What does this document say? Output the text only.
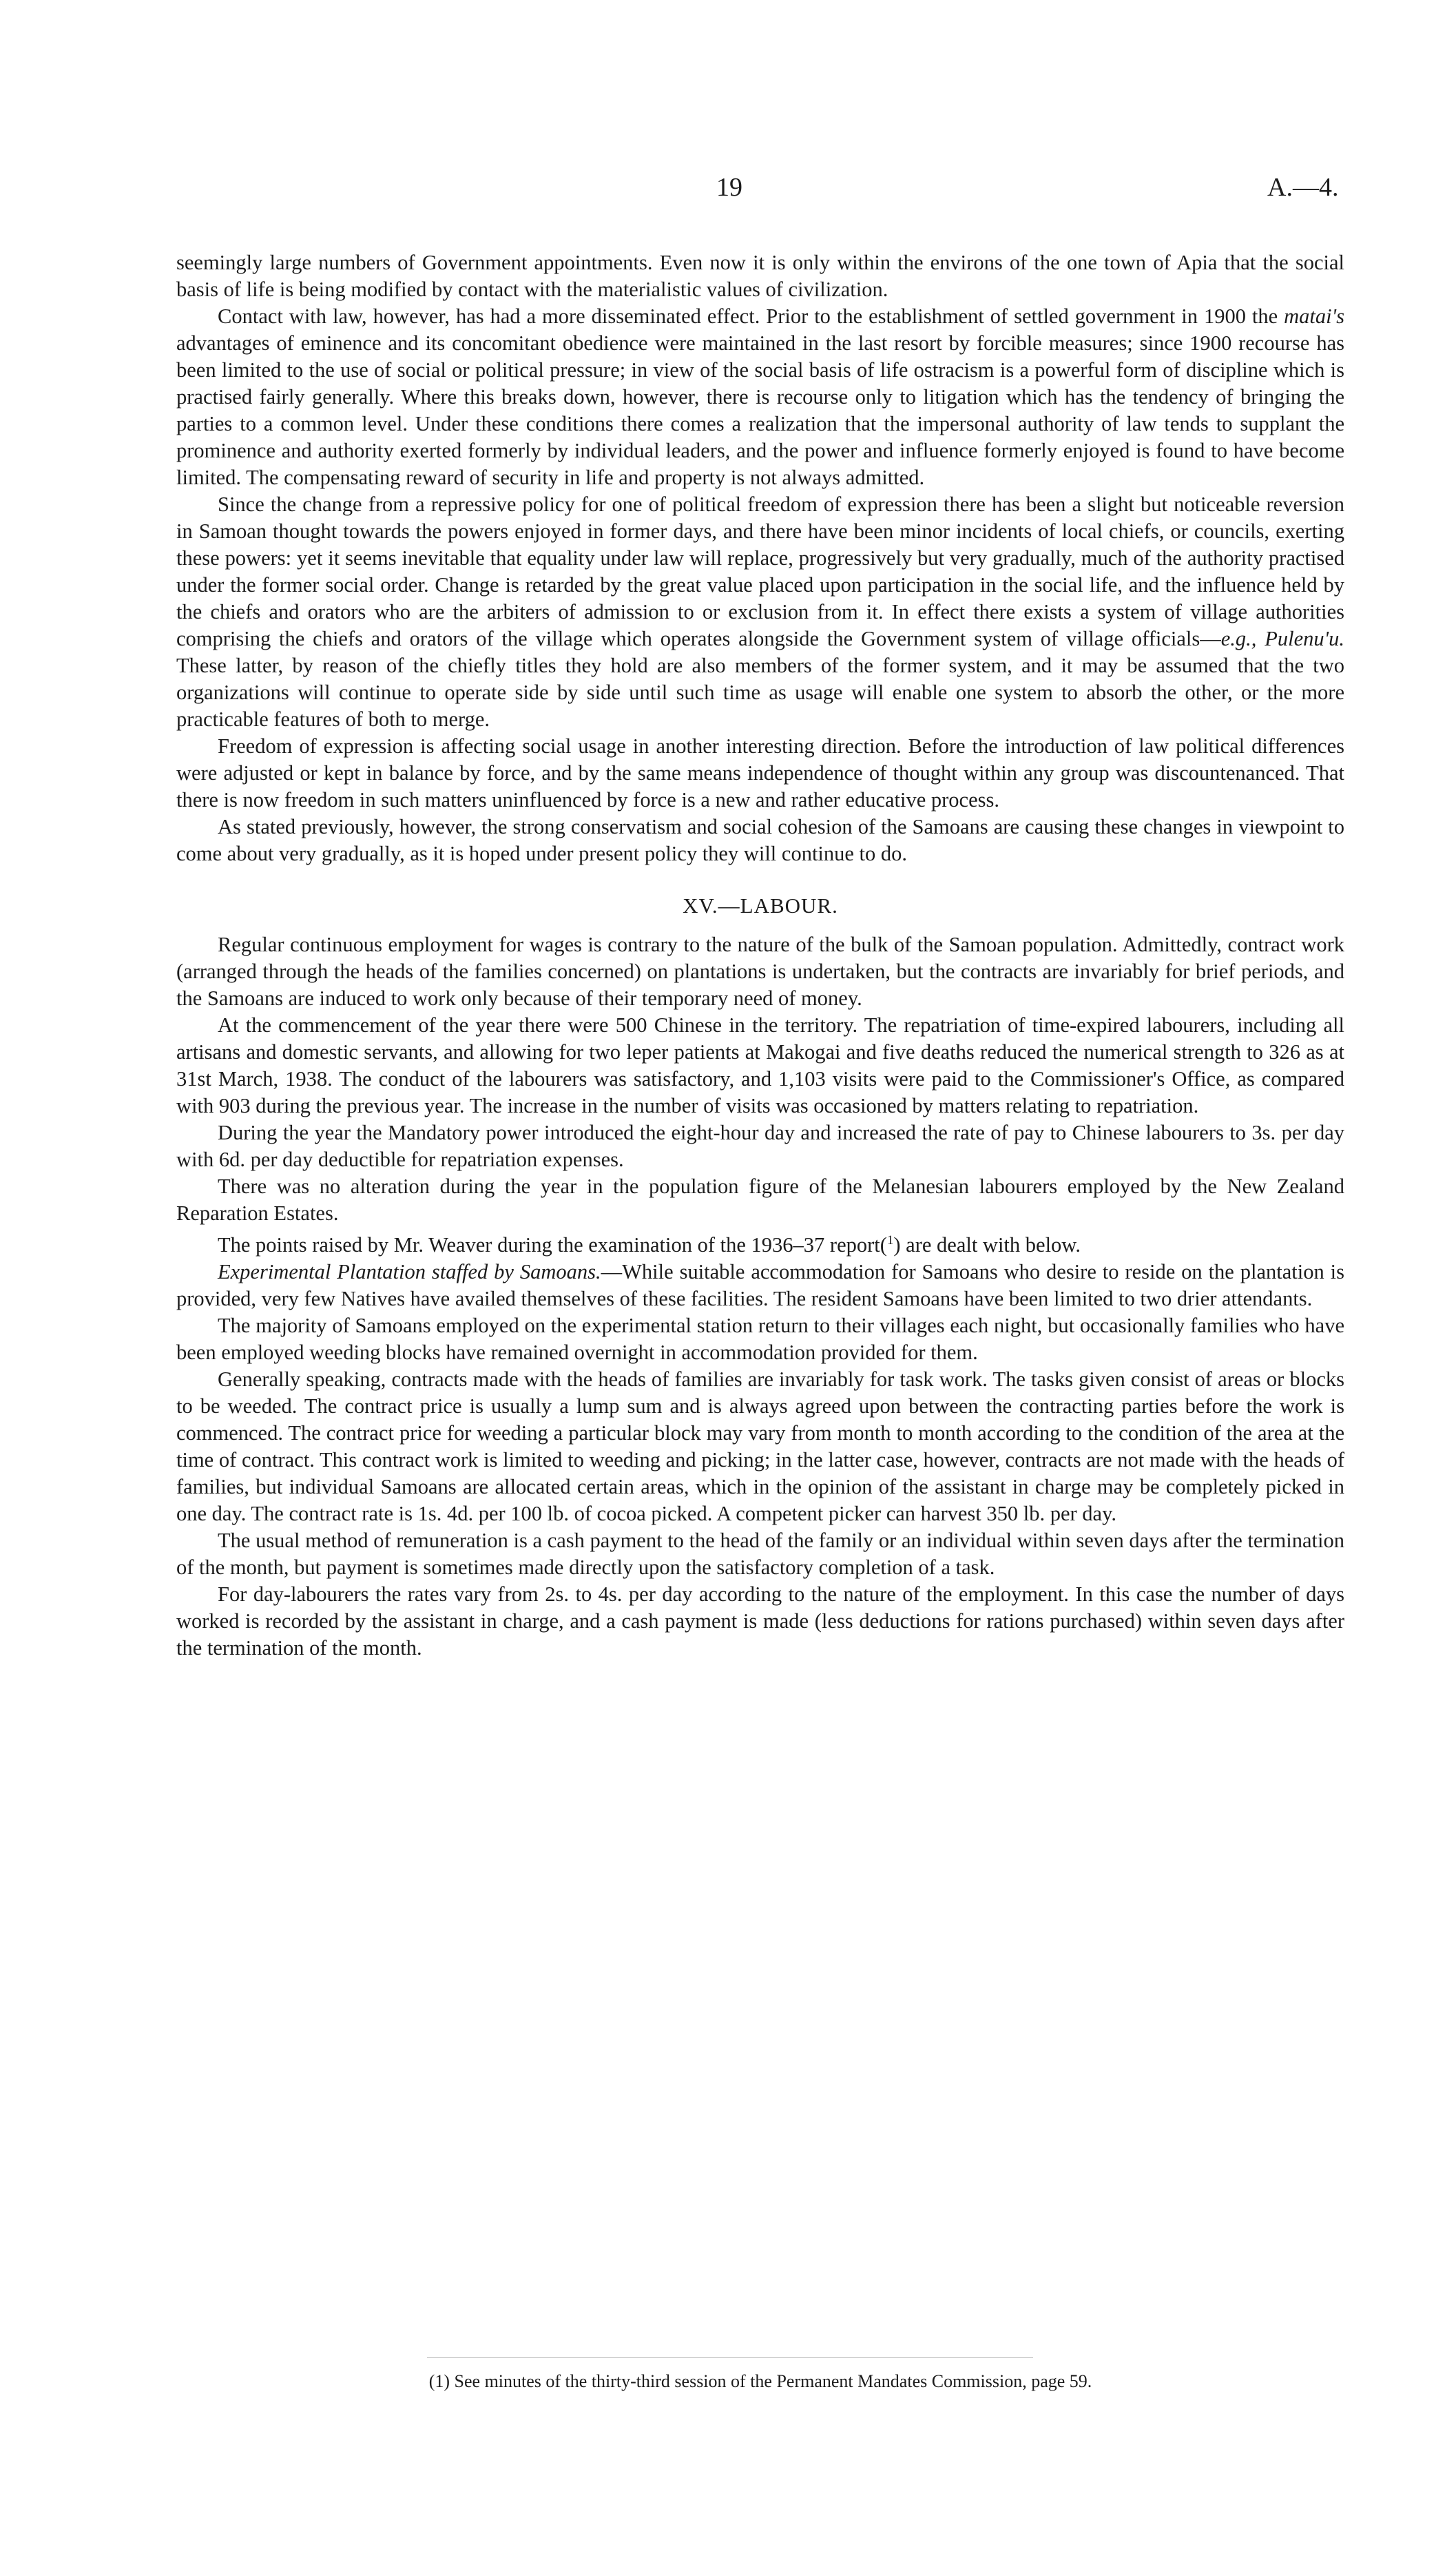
19	A.—4.

seemingly large numbers of Government appointments. Even now it is only within the environs of the one town of Apia that the social basis of life is being modified by contact with the materialistic values of civilization.

Contact with law, however, has had a more disseminated effect. Prior to the establishment of settled government in 1900 the matai's advantages of eminence and its concomitant obedience were maintained in the last resort by forcible measures; since 1900 recourse has been limited to the use of social or political pressure; in view of the social basis of life ostracism is a powerful form of discipline which is practised fairly generally. Where this breaks down, however, there is recourse only to litigation which has the tendency of bringing the parties to a common level. Under these conditions there comes a realization that the impersonal authority of law tends to supplant the prominence and authority exerted formerly by individual leaders, and the power and influence formerly enjoyed is found to have become limited. The compensating reward of security in life and property is not always admitted.

Since the change from a repressive policy for one of political freedom of expression there has been a slight but noticeable reversion in Samoan thought towards the powers enjoyed in former days, and there have been minor incidents of local chiefs, or councils, exerting these powers: yet it seems inevitable that equality under law will replace, progressively but very gradually, much of the authority practised under the former social order. Change is retarded by the great value placed upon participation in the social life, and the influence held by the chiefs and orators who are the arbiters of admission to or exclusion from it. In effect there exists a system of village authorities comprising the chiefs and orators of the village which operates alongside the Government system of village officials—e.g., Pulenu'u. These latter, by reason of the chiefly titles they hold are also members of the former system, and it may be assumed that the two organizations will continue to operate side by side until such time as usage will enable one system to absorb the other, or the more practicable features of both to merge.

Freedom of expression is affecting social usage in another interesting direction. Before the introduction of law political differences were adjusted or kept in balance by force, and by the same means independence of thought within any group was discountenanced. That there is now freedom in such matters uninfluenced by force is a new and rather educative process.

As stated previously, however, the strong conservatism and social cohesion of the Samoans are causing these changes in viewpoint to come about very gradually, as it is hoped under present policy they will continue to do.

XV.—LABOUR.

Regular continuous employment for wages is contrary to the nature of the bulk of the Samoan population. Admittedly, contract work (arranged through the heads of the families concerned) on plantations is undertaken, but the contracts are invariably for brief periods, and the Samoans are induced to work only because of their temporary need of money.

At the commencement of the year there were 500 Chinese in the territory. The repatriation of time-expired labourers, including all artisans and domestic servants, and allowing for two leper patients at Makogai and five deaths reduced the numerical strength to 326 as at 31st March, 1938. The conduct of the labourers was satisfactory, and 1,103 visits were paid to the Commissioner's Office, as compared with 903 during the previous year. The increase in the number of visits was occasioned by matters relating to repatriation.

During the year the Mandatory power introduced the eight-hour day and increased the rate of pay to Chinese labourers to 3s. per day with 6d. per day deductible for repatriation expenses.

There was no alteration during the year in the population figure of the Melanesian labourers employed by the New Zealand Reparation Estates.

The points raised by Mr. Weaver during the examination of the 1936–37 report($^1$) are dealt with below.

Experimental Plantation staffed by Samoans.—While suitable accommodation for Samoans who desire to reside on the plantation is provided, very few Natives have availed themselves of these facilities. The resident Samoans have been limited to two drier attendants.

The majority of Samoans employed on the experimental station return to their villages each night, but occasionally families who have been employed weeding blocks have remained overnight in accommodation provided for them.

Generally speaking, contracts made with the heads of families are invariably for task work. The tasks given consist of areas or blocks to be weeded. The contract price is usually a lump sum and is always agreed upon between the contracting parties before the work is commenced. The contract price for weeding a particular block may vary from month to month according to the condition of the area at the time of contract. This contract work is limited to weeding and picking; in the latter case, however, contracts are not made with the heads of families, but individual Samoans are allocated certain areas, which in the opinion of the assistant in charge may be completely picked in one day. The contract rate is 1s. 4d. per 100 lb. of cocoa picked. A competent picker can harvest 350 lb. per day.

The usual method of remuneration is a cash payment to the head of the family or an individual within seven days after the termination of the month, but payment is sometimes made directly upon the satisfactory completion of a task.

For day-labourers the rates vary from 2s. to 4s. per day according to the nature of the employment. In this case the number of days worked is recorded by the assistant in charge, and a cash payment is made (less deductions for rations purchased) within seven days after the termination of the month.

(1) See minutes of the thirty-third session of the Permanent Mandates Commission, page 59.
